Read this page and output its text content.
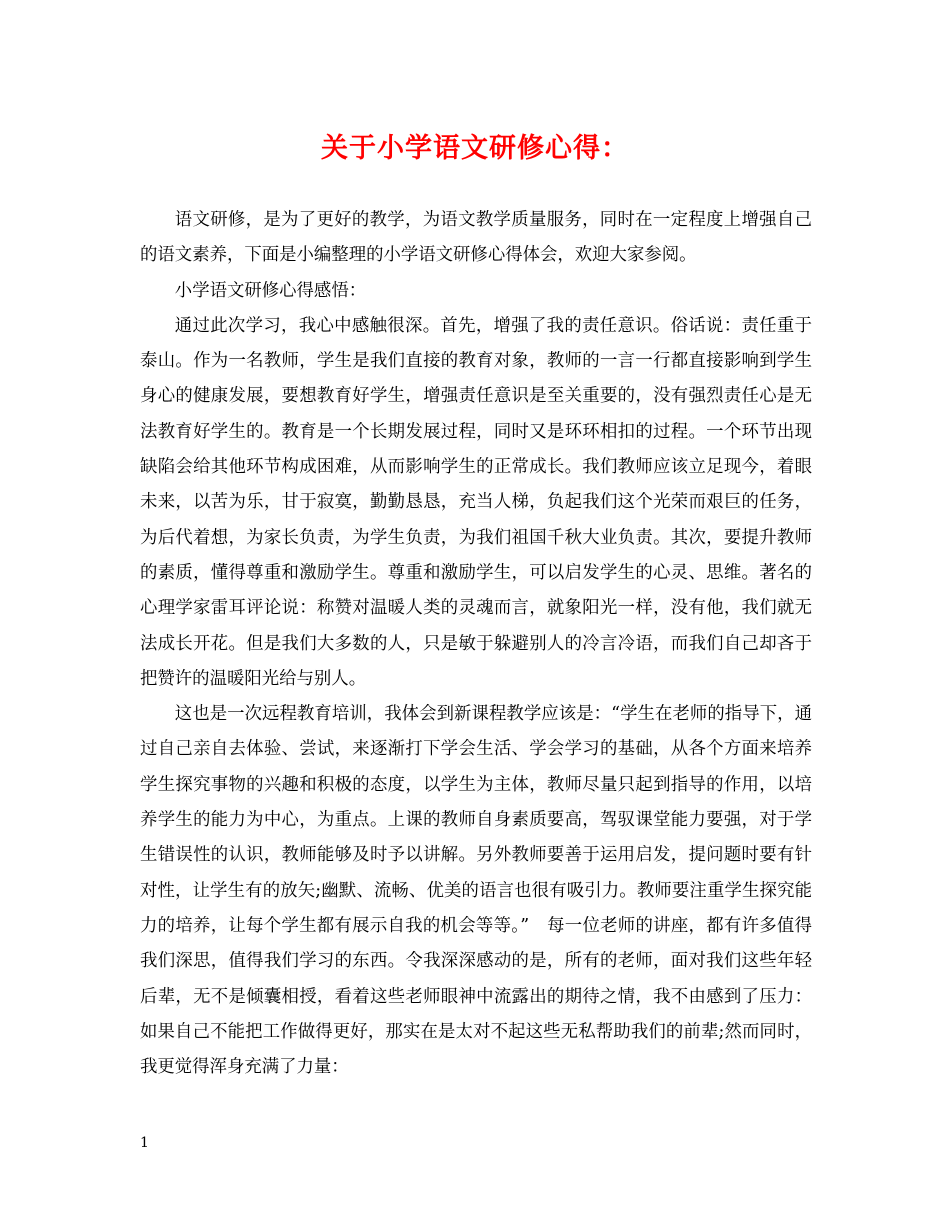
关于小学语文研修心得：

语文研修，是为了更好的教学，为语文教学质量服务，同时在一定程度上增强自己的语文素养，下面是小编整理的小学语文研修心得体会，欢迎大家参阅。

小学语文研修心得感悟：

通过此次学习，我心中感触很深。首先，增强了我的责任意识。俗话说：责任重于泰山。作为一名教师，学生是我们直接的教育对象，教师的一言一行都直接影响到学生身心的健康发展，要想教育好学生，增强责任意识是至关重要的，没有强烈责任心是无法教育好学生的。教育是一个长期发展过程，同时又是环环相扣的过程。一个环节出现缺陷会给其他环节构成困难，从而影响学生的正常成长。我们教师应该立足现今，着眼未来，以苦为乐，甘于寂寞，勤勤恳恳，充当人梯，负起我们这个光荣而艰巨的任务，为后代着想，为家长负责，为学生负责，为我们祖国千秋大业负责。其次，要提升教师的素质，懂得尊重和激励学生。尊重和激励学生，可以启发学生的心灵、思维。著名的心理学家雷耳评论说：称赞对温暖人类的灵魂而言，就象阳光一样，没有他，我们就无法成长开花。但是我们大多数的人，只是敏于躲避别人的冷言冷语，而我们自己却吝于把赞许的温暖阳光给与别人。

这也是一次远程教育培训，我体会到新课程教学应该是：“学生在老师的指导下，通过自己亲自去体验、尝试，来逐渐打下学会生活、学会学习的基础，从各个方面来培养学生探究事物的兴趣和积极的态度，以学生为主体，教师尽量只起到指导的作用，以培养学生的能力为中心，为重点。上课的教师自身素质要高，驾驭课堂能力要强，对于学生错误性的认识，教师能够及时予以讲解。另外教师要善于运用启发，提问题时要有针对性，让学生有的放矢;幽默、流畅、优美的语言也很有吸引力。教师要注重学生探究能力的培养，让每个学生都有展示自我的机会等等。”　每一位老师的讲座，都有许多值得我们深思，值得我们学习的东西。令我深深感动的是，所有的老师，面对我们这些年轻后辈，无不是倾囊相授，看着这些老师眼神中流露出的期待之情，我不由感到了压力：如果自己不能把工作做得更好，那实在是太对不起这些无私帮助我们的前辈;然而同时，我更觉得浑身充满了力量：

1
